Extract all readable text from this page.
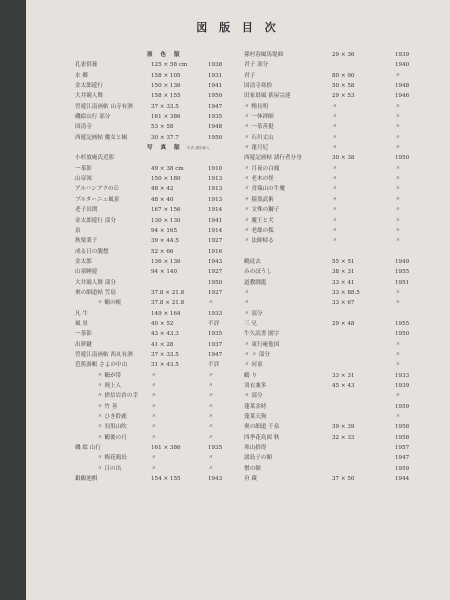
図 版 目 次
原 色 版
孔雀供養	125 × 58 cm	1938
水 郷	158 × 105	1931
金太郎遊行	150 × 136	1941
大井競人舞	158 × 155	1950
曽遊江南画帖 山寺有酒	37 × 33.5	1947
磯絵山行 部分	161 × 386	1935
国清寺	53 × 58	1948
西遊記画帖 魔女と蝎	30 × 37.7	1950
写 真 版 年次 歳年齢入
小杉放庵氏近影
一茶影	49 × 38 cm	1910
山帝図	150 × 180	1913
アルハンブラの丘	48 × 42	1913
ブルターニュ風景	48 × 40	1913
老子出関	167 × 156	1914
金太郎遊行 部分	130 × 130	1941
泉	94 × 165	1914
秋栗業子	39 × 44.5	1927
成る日の腹想	52 × 66	1916
金太郎	136 × 136	1943
山童睡遊	94 × 140	1927
大井競人舞 部分	1950
奥の細道帖 笠島	37.8 × 21.8	1927
〃 鶴の帳	37.8 × 21.8	〃
凡 牛	149 × 164	1933
風 景	40 × 52	不詳
一茶影	43 × 43.3	1935
出夢鍵	41 × 28	1937
曽遊江南画帖 西丸有酒	37 × 33.5	1947
芭蕉游帳 さよの中山	31 × 43.5	不詳
〃 鶴が帯	〃	〃
〃 岡上人	〃	〃
〃 捨信岩倉の幸 〃	〃
〃 竹 善	〃	〃
〃 ひき鈴鹿	〃	〃
〃 羽黒山吹	〃	〃
〃 鶴後の月	〃	〃
磯 絵 山行	161 × 386	1935
〃 梅花鶏鳥	〃	〃
〃 日の出	〃	〃
銀鶴池棋	154 × 155	1943
孫村春風馬堤曲	29 × 36	1939
君子 部分	1940
君子	80 × 90	〃
国清寺寒拾	50 × 58	1948
田家晨風 俵屋宗達	29 × 53	1946
〃 鴨長明	〃	〃
〃 一休禅師	〃	〃
〃 一茶善挺	〃	〃
〃 石川丈山	〃	〃
〃 蓬月尼	〃	〃
西遊記画帖 諸行者分身	30 × 38	1950
〃 月夜の白鳳	〃	〃
〃 老木の怪	〃	〃
〃 青瑞山の牛魔	〃	〃
〃 猿盗武術	〃	〃
〃 文殊の獅子	〃	〃
〃 魔王と犬	〃	〃
〃 老絲の狐	〃	〃
〃 法師帰る	〃	〃
鶴徒去	55 × 51	1949
みのぼうし	38 × 31	1955
道教闘龍	33 × 41	1951
〃	33 × 88.5	〃
〃	33 × 67	〃
〃 部分
三 兄	29 × 48	1955
牛久読書 園字	1950
〃 東行庵他国	〃
〃 〃 部分	〃
〃 河童	〃
鶴 り	33 × 31	1933
羽衣兼多	45 × 43	1939
〃 部分	〃
蓬莱金時	1959
蓬莱天狗	〃
奥の細道 千泉	39 × 39	1958
四季花鳥図 秋	32 × 33	1958
寒山拾得	1957
諸島子の額	1947
僧の額	1959
舟 蔵	37 × 50	1944
